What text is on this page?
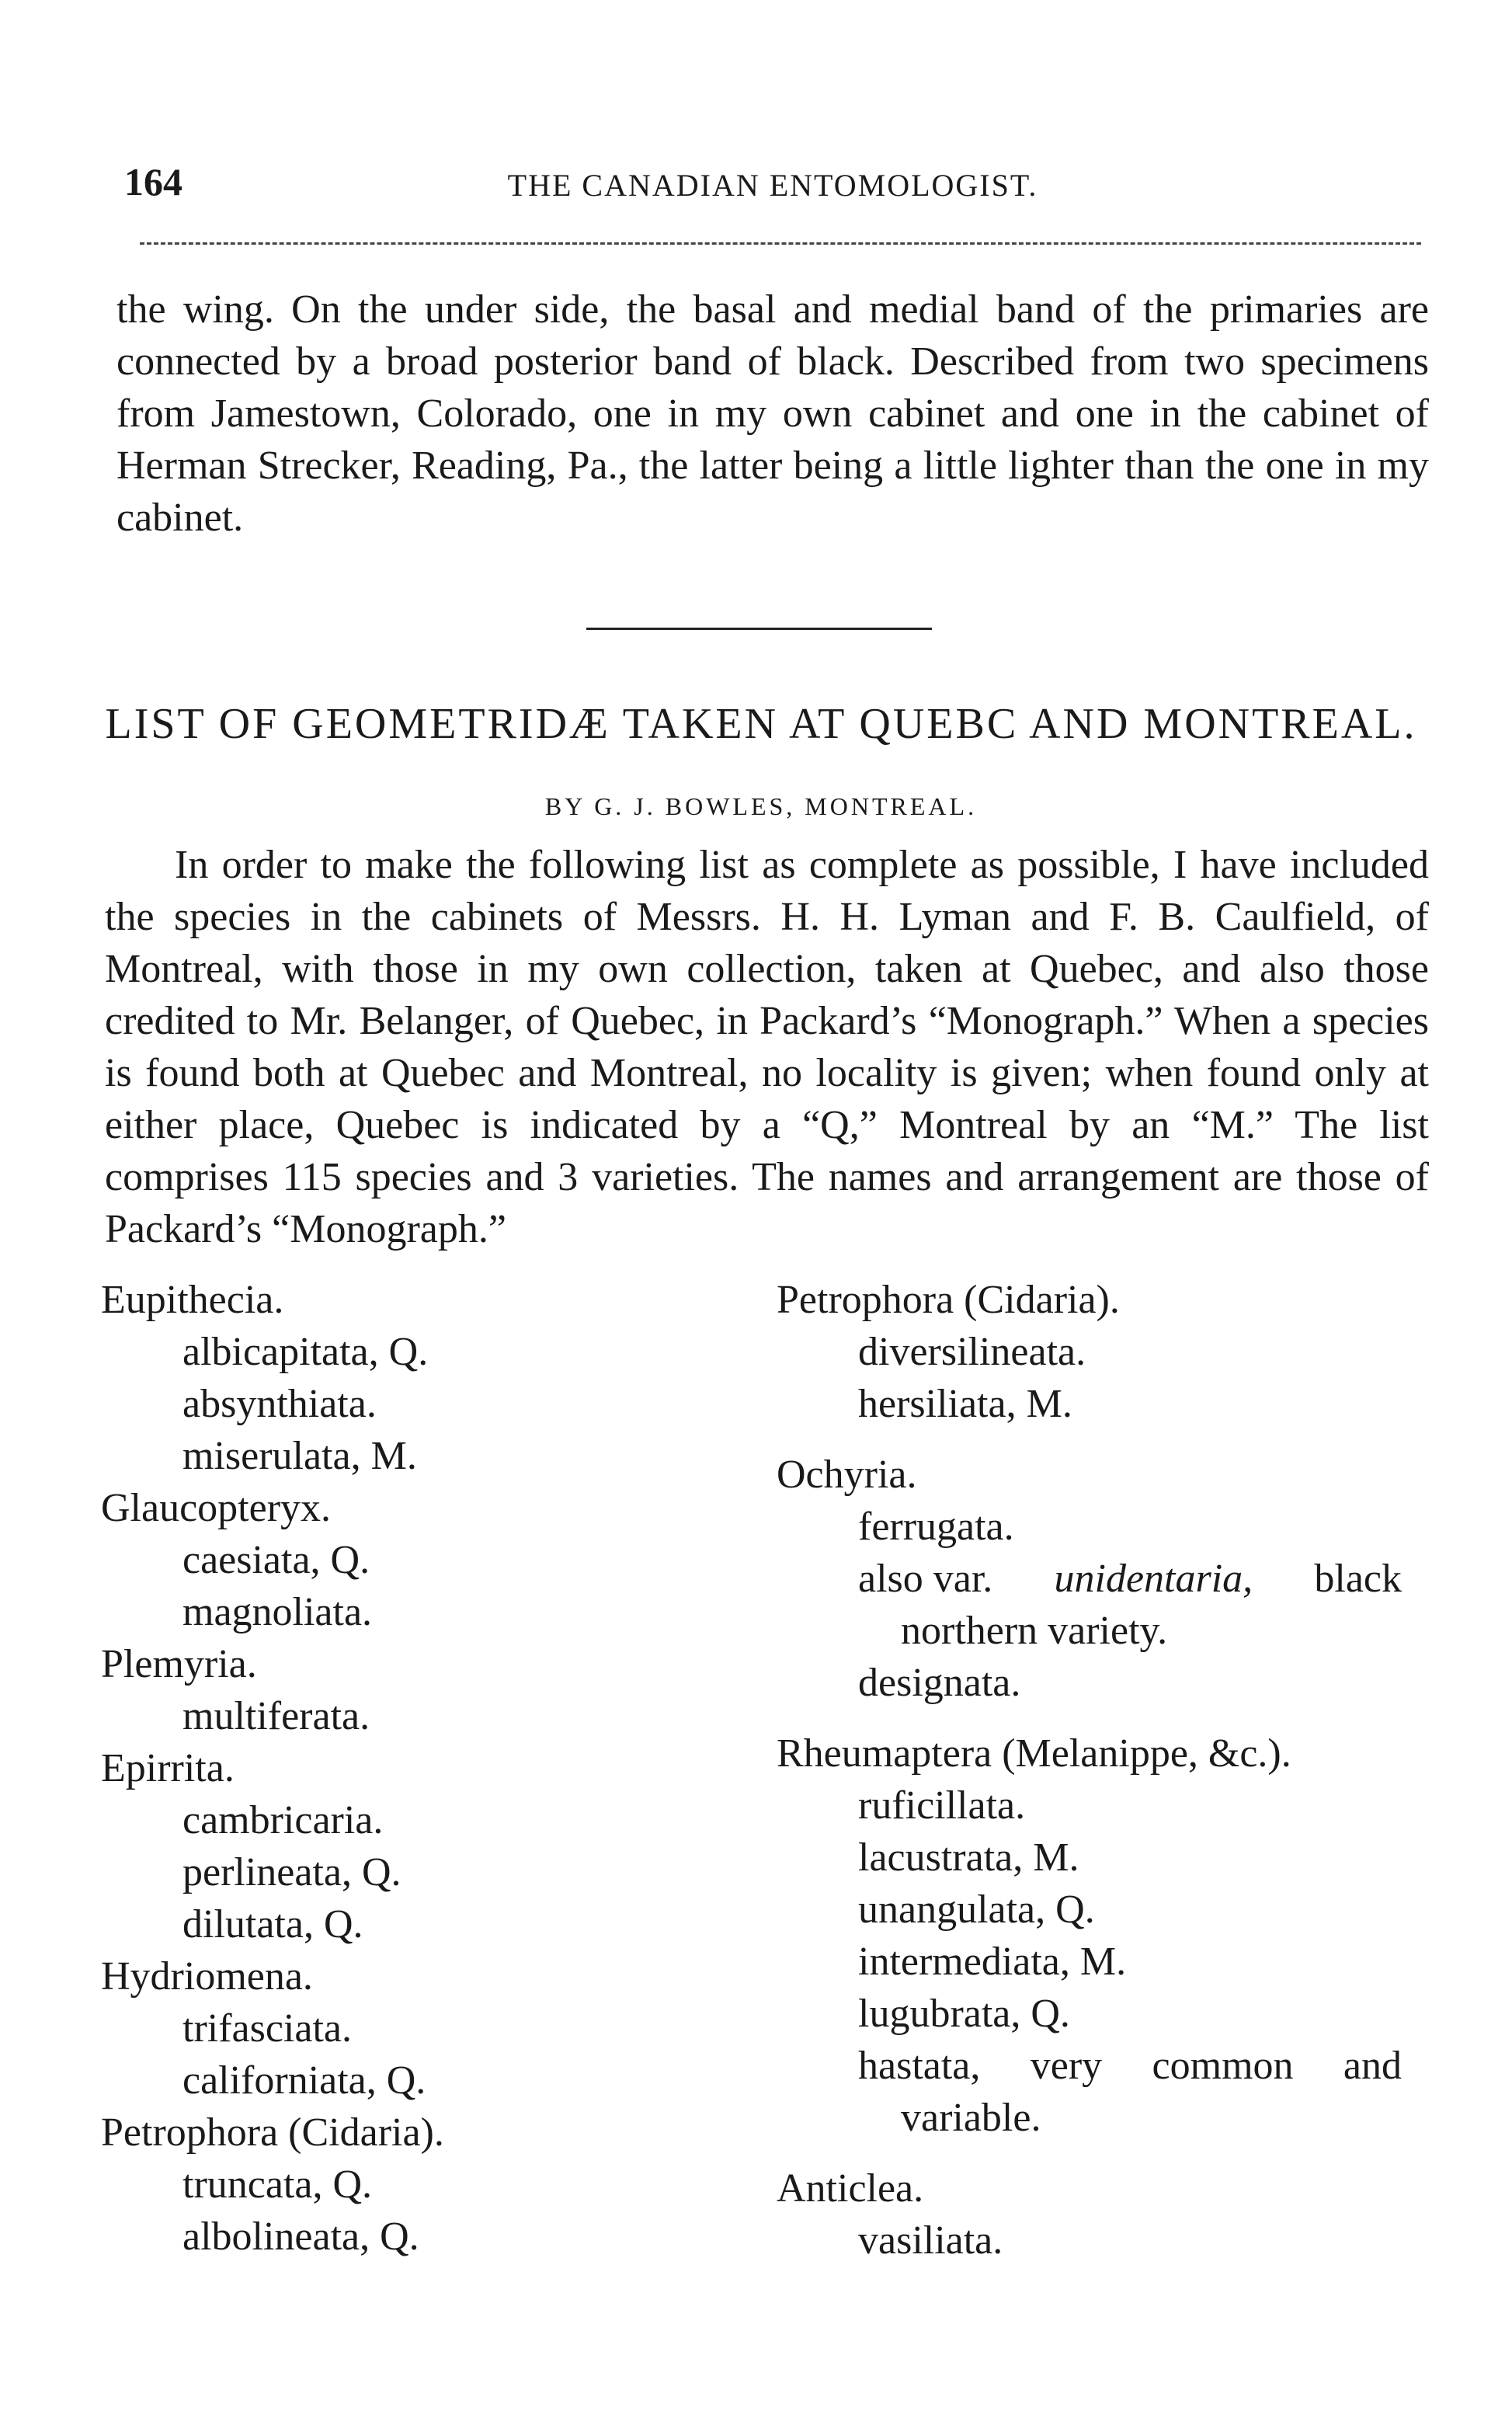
164	THE CANADIAN ENTOMOLOGIST.

the wing. On the under side, the basal and medial band of the primaries are connected by a broad posterior band of black. Described from two specimens from Jamestown, Colorado, one in my own cabinet and one in the cabinet of Herman Strecker, Reading, Pa., the latter being a little lighter than the one in my cabinet.

LIST OF GEOMETRIDÆ TAKEN AT QUEBC AND MONTREAL.
BY G. J. BOWLES, MONTREAL.

In order to make the following list as complete as possible, I have included the species in the cabinets of Messrs. H. H. Lyman and F. B. Caulfield, of Montreal, with those in my own collection, taken at Quebec, and also those credited to Mr. Belanger, of Quebec, in Packard’s “Monograph.” When a species is found both at Quebec and Montreal, no locality is given; when found only at either place, Quebec is indicated by a “Q,” Montreal by an “M.” The list comprises 115 species and 3 varieties. The names and arrangement are those of Packard’s “Monograph.”

Eupithecia.

albicapitata, Q.

absynthiata.

miserulata, M.

Glaucopteryx.

caesiata, Q.

magnoliata.

Plemyria.

multiferata.

Epirrita.

cambricaria.

perlineata, Q.

dilutata, Q.

Hydriomena.

trifasciata.

californiata, Q.

Petrophora (Cidaria).

truncata, Q.

albolineata, Q.

Petrophora (Cidaria).

diversilineata.

hersiliata, M.

Ochyria.

ferrugata.

also var. unidentaria, black
northern variety.

designata.

Rheumaptera (Melanippe, &c.).

ruficillata.

lacustrata, M.

unangulata, Q.

intermediata, M.

lugubrata, Q.

hastata, very common and
variable.

Anticlea.

vasiliata.
